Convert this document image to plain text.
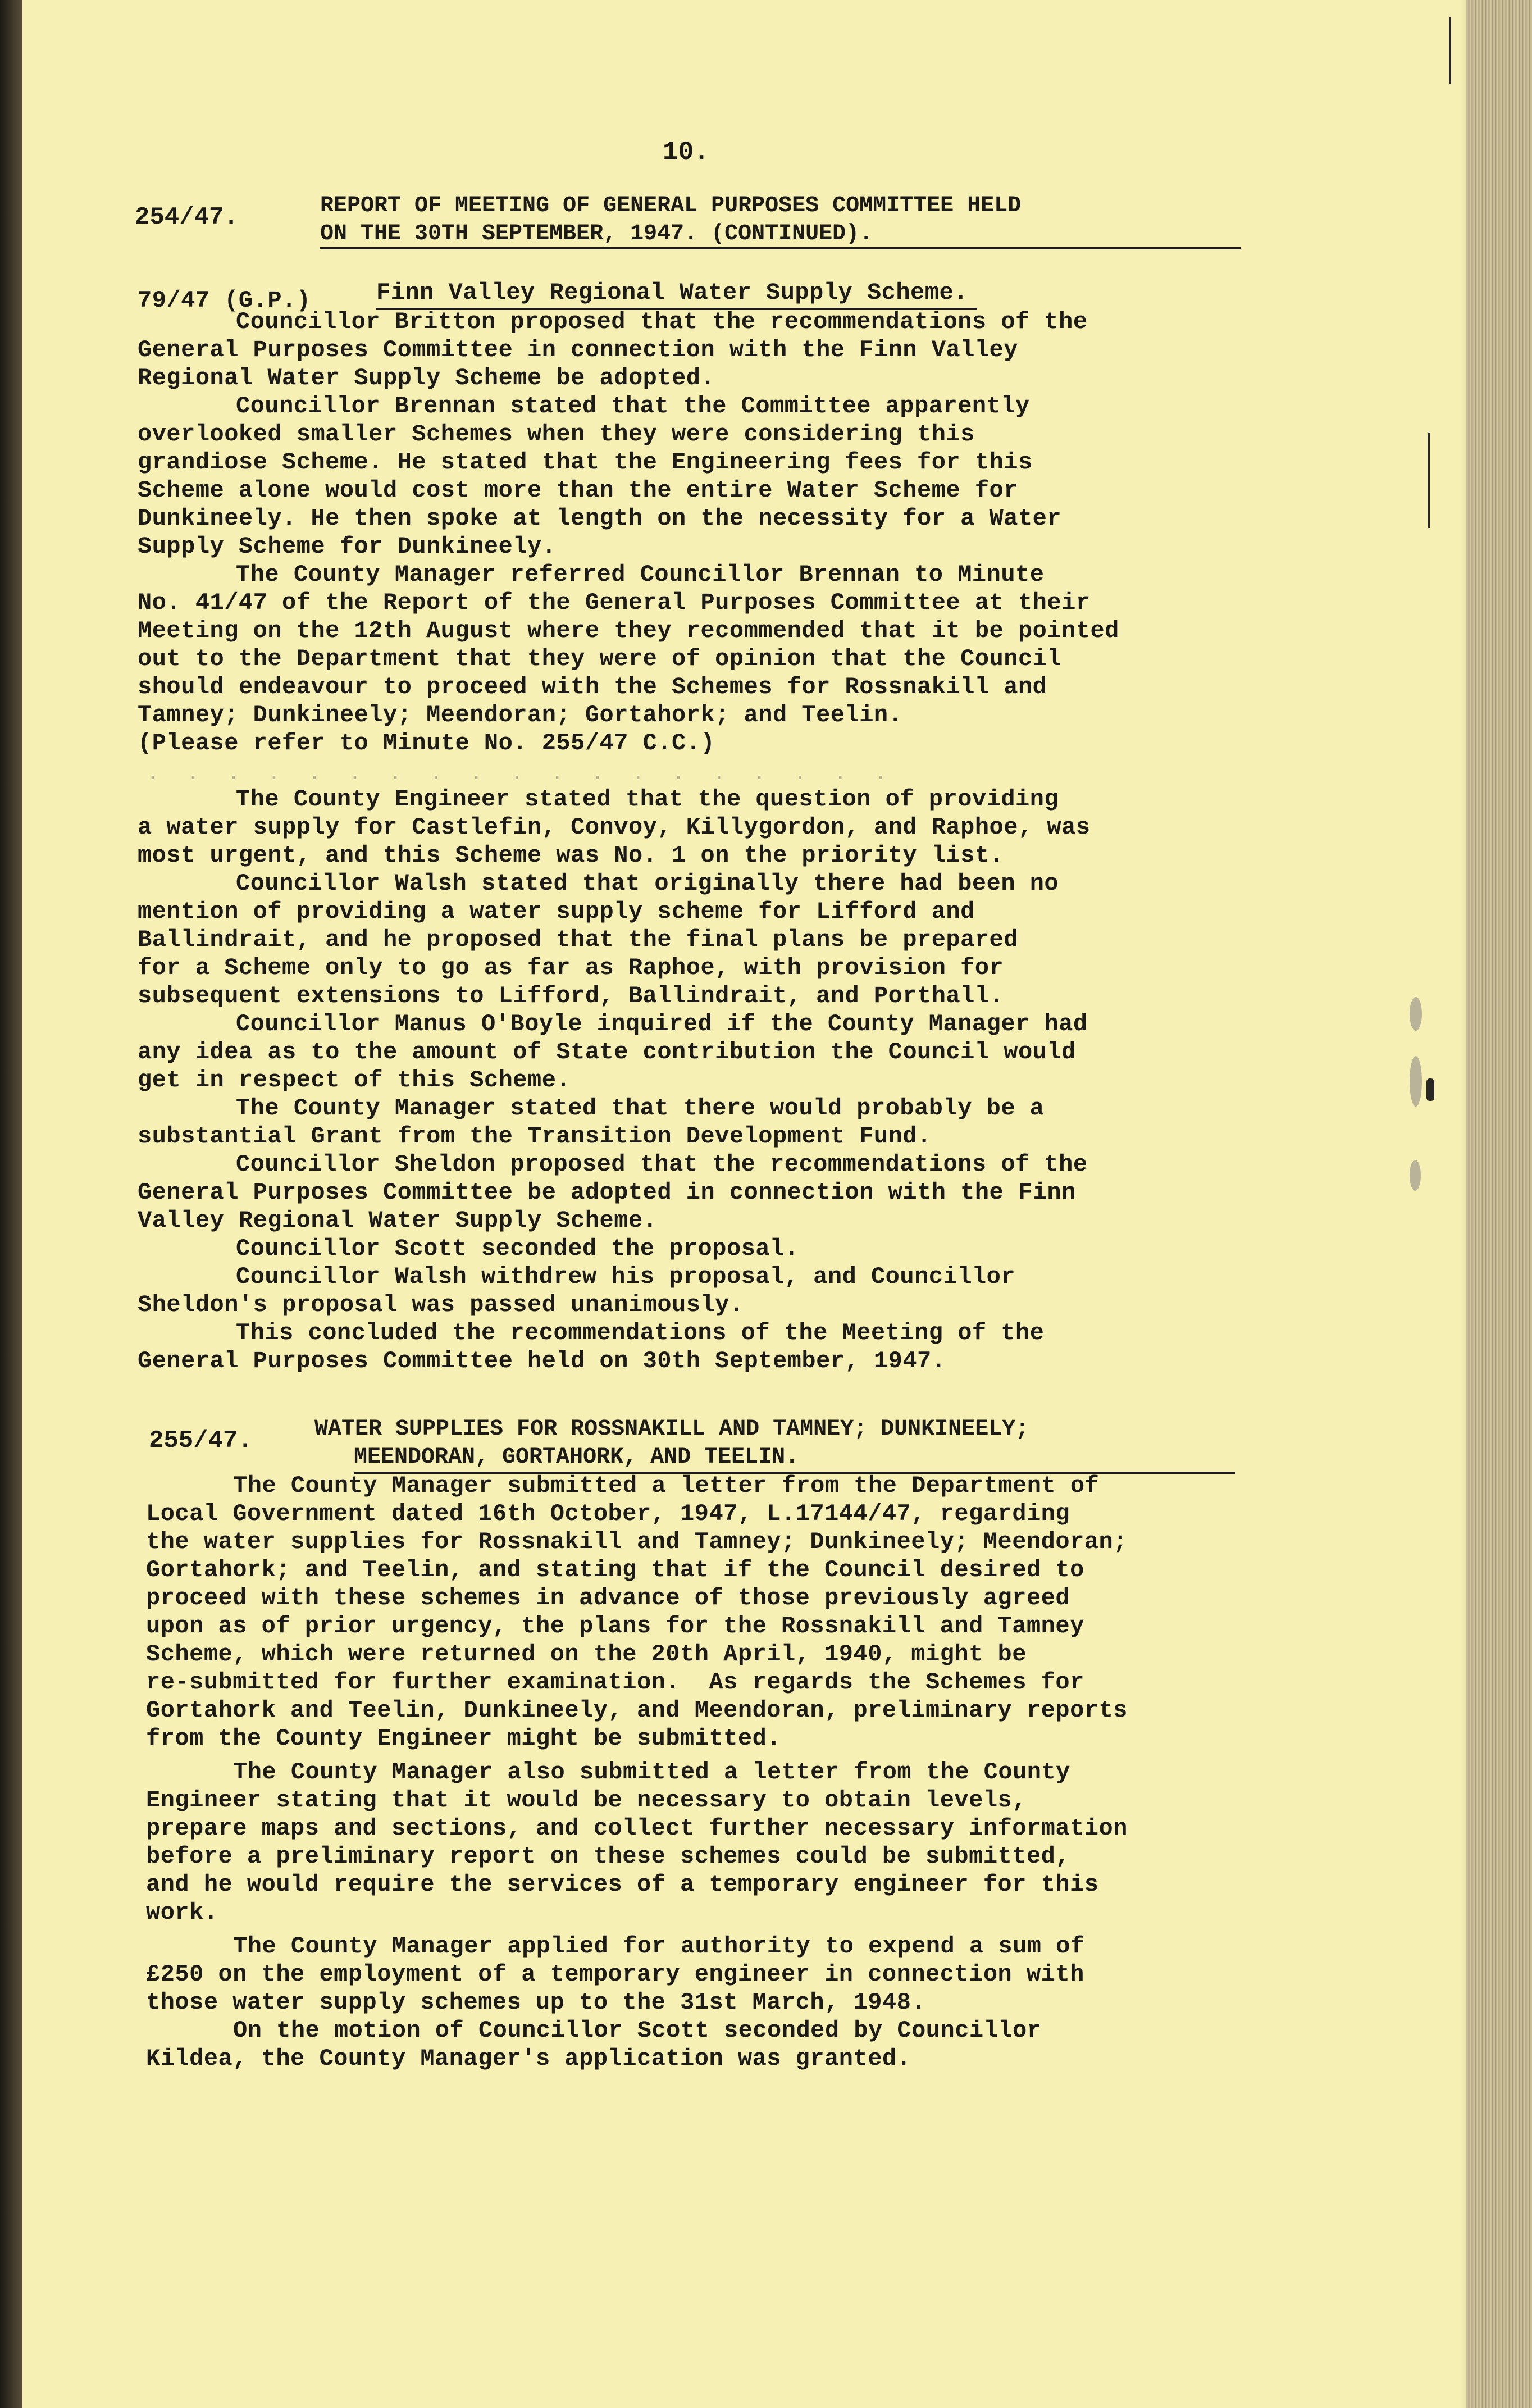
10.
254/47.	REPORT OF MEETING OF GENERAL PURPOSES COMMITTEE HELD
ON THE 30TH SEPTEMBER, 1947. (CONTINUED).
79/47 (G.P.)	Finn Valley Regional Water Supply Scheme.
Councillor Britton proposed that the recommendations of the
General Purposes Committee in connection with the Finn Valley
Regional Water Supply Scheme be adopted.
Councillor Brennan stated that the Committee apparently
overlooked smaller Schemes when they were considering this
grandiose Scheme. He stated that the Engineering fees for this
Scheme alone would cost more than the entire Water Scheme for
Dunkineely. He then spoke at length on the necessity for a Water
Supply Scheme for Dunkineely.
The County Manager referred Councillor Brennan to Minute
No. 41/47 of the Report of the General Purposes Committee at their
Meeting on the 12th August where they recommended that it be pointed
out to the Department that they were of opinion that the Council
should endeavour to proceed with the Schemes for Rossnakill and
Tamney; Dunkineely; Meendoran; Gortahork; and Teelin.
(Please refer to Minute No. 255/47 C.C.)
.  .  .  .  .  .  .  .  .  .  .  .  .  .  .  .  .  .  .
The County Engineer stated that the question of providing
a water supply for Castlefin, Convoy, Killygordon, and Raphoe, was
most urgent, and this Scheme was No. 1 on the priority list.
Councillor Walsh stated that originally there had been no
mention of providing a water supply scheme for Lifford and
Ballindrait, and he proposed that the final plans be prepared
for a Scheme only to go as far as Raphoe, with provision for
subsequent extensions to Lifford, Ballindrait, and Porthall.
Councillor Manus O'Boyle inquired if the County Manager had
any idea as to the amount of State contribution the Council would
get in respect of this Scheme.
The County Manager stated that there would probably be a
substantial Grant from the Transition Development Fund.
Councillor Sheldon proposed that the recommendations of the
General Purposes Committee be adopted in connection with the Finn
Valley Regional Water Supply Scheme.
Councillor Scott seconded the proposal.
Councillor Walsh withdrew his proposal, and Councillor
Sheldon's proposal was passed unanimously.
This concluded the recommendations of the Meeting of the
General Purposes Committee held on 30th September, 1947.
255/47.	WATER SUPPLIES FOR ROSSNAKILL AND TAMNEY; DUNKINEELY;
MEENDORAN, GORTAHORK, AND TEELIN.
The County Manager submitted a letter from the Department of
Local Government dated 16th October, 1947, L.17144/47, regarding
the water supplies for Rossnakill and Tamney; Dunkineely; Meendoran;
Gortahork; and Teelin, and stating that if the Council desired to
proceed with these schemes in advance of those previously agreed
upon as of prior urgency, the plans for the Rossnakill and Tamney
Scheme, which were returned on the 20th April, 1940, might be
re-submitted for further examination.  As regards the Schemes for
Gortahork and Teelin, Dunkineely, and Meendoran, preliminary reports
from the County Engineer might be submitted.
The County Manager also submitted a letter from the County
Engineer stating that it would be necessary to obtain levels,
prepare maps and sections, and collect further necessary information
before a preliminary report on these schemes could be submitted,
and he would require the services of a temporary engineer for this
work.
The County Manager applied for authority to expend a sum of
£250 on the employment of a temporary engineer in connection with
those water supply schemes up to the 31st March, 1948.
On the motion of Councillor Scott seconded by Councillor
Kildea, the County Manager's application was granted.
